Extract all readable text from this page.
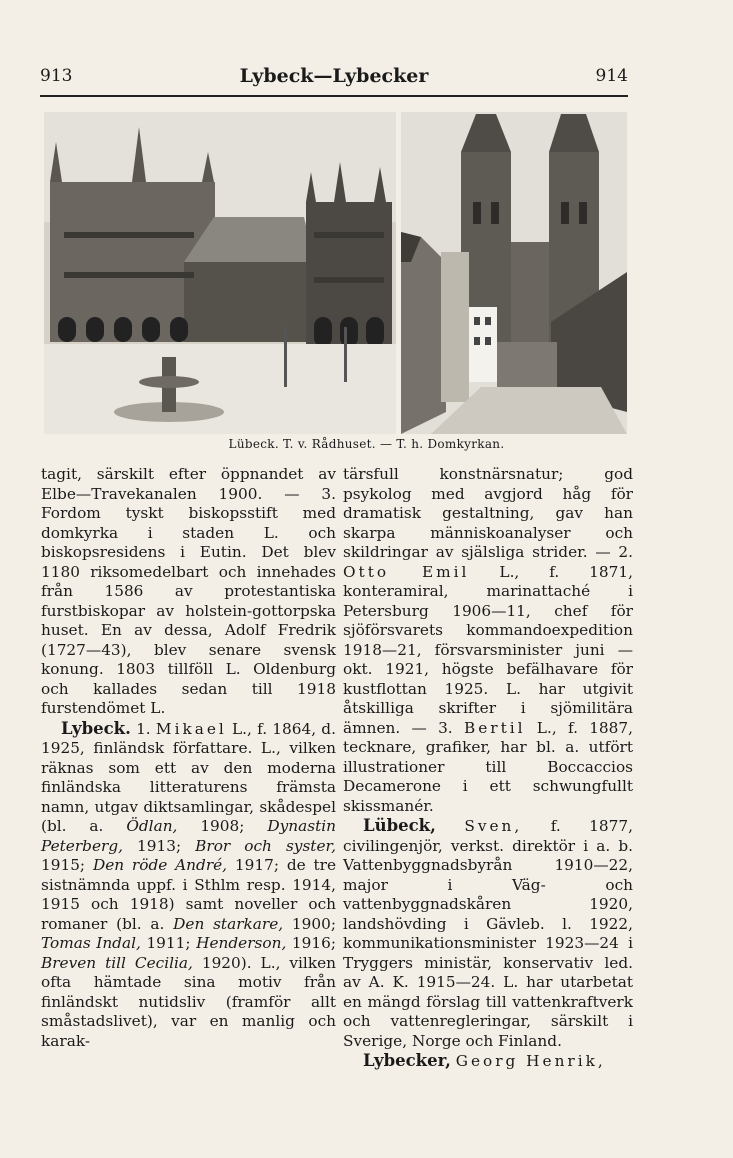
913	Lybeck—Lybecker	914
Lübeck. T. v. Rådhuset. — T. h. Domkyrkan.

tagit, särskilt efter öppnandet av Elbe—Travekanalen 1900. — 3. Fordom tyskt biskopsstift med domkyrka i staden L. och biskopsresidens i Eutin. Det blev 1180 riksomedelbart och innehades från 1586 av protestantiska furstbiskopar av holstein-gottorpska huset. En av dessa, Adolf Fredrik (1727—43), blev senare svensk konung. 1803 tillföll L. Oldenburg och kallades sedan till 1918 furstendömet L.

Lybeck. 1. Mikael L., f. 1864, d. 1925, finländsk författare. L., vilken räknas som ett av den moderna finländska litteraturens främsta namn, utgav diktsamlingar, skådespel (bl. a. Ödlan, 1908; Dynastin Peterberg, 1913; Bror och syster, 1915; Den röde André, 1917; de tre sistnämnda uppf. i Sthlm resp. 1914, 1915 och 1918) samt noveller och romaner (bl. a. Den starkare, 1900; Tomas Indal, 1911; Henderson, 1916; Breven till Cecilia, 1920). L., vilken ofta hämtade sina motiv från finländskt nutidsliv (framför allt småstadslivet), var en manlig och karak-

tärsfull konstnärsnatur; god psykolog med avgjord håg för dramatisk gestaltning, gav han skarpa människoanalyser och skildringar av själsliga strider. — 2. Otto Emil L., f. 1871, konteramiral, marinattaché i Petersburg 1906—11, chef för sjöförsvarets kommandoexpedition 1918—21, försvarsminister juni —okt. 1921, högste befälhavare för kustflottan 1925. L. har utgivit åtskilliga skrifter i sjömilitära ämnen. — 3. Bertil L., f. 1887, tecknare, grafiker, har bl. a. utfört illustrationer till Boccaccios Decamerone i ett schwungfullt skissmanér.

Lübeck, Sven, f. 1877, civilingenjör, verkst. direktör i a. b. Vattenbyggnadsbyrån 1910—22, major i Väg- och vattenbyggnadskåren 1920, landshövding i Gävleb. l. 1922, kommunikationsminister 1923—24 i Tryggers ministär, konservativ led. av A. K. 1915—24. L. har utarbetat en mängd förslag till vattenkraftverk och vattenregleringar, särskilt i Sverige, Norge och Finland.

Lybecker, Georg Henrik,
